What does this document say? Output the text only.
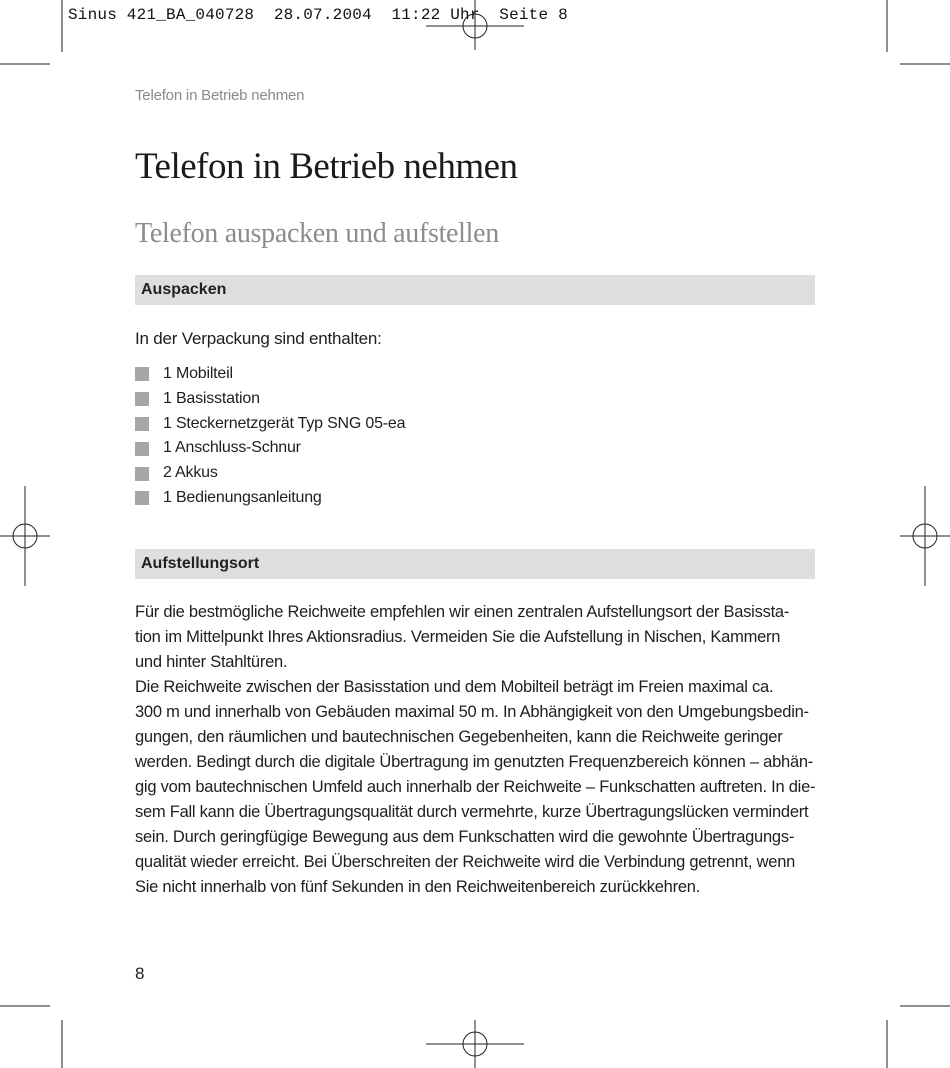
Sinus 421_BA_040728  28.07.2004  11:22 Uhr  Seite 8
Telefon in Betrieb nehmen
Telefon in Betrieb nehmen
Telefon auspacken und aufstellen
Auspacken
In der Verpackung sind enthalten:
1 Mobilteil
1 Basisstation
1 Steckernetzgerät Typ SNG 05-ea
1 Anschluss-Schnur
2 Akkus
1 Bedienungsanleitung
Aufstellungsort
Für die bestmögliche Reichweite empfehlen wir einen zentralen Aufstellungsort der Basissta-
tion im Mittelpunkt Ihres Aktionsradius. Vermeiden Sie die Aufstellung in Nischen, Kammern
und hinter Stahltüren.
Die Reichweite zwischen der Basisstation und dem Mobilteil beträgt im Freien maximal ca.
300 m und innerhalb von Gebäuden maximal 50 m. In Abhängigkeit von den Umgebungsbedin-
gungen, den räumlichen und bautechnischen Gegebenheiten, kann die Reichweite geringer
werden. Bedingt durch die digitale Übertragung im genutzten Frequenzbereich können – abhän-
gig vom bautechnischen Umfeld auch innerhalb der Reichweite – Funkschatten auftreten. In die-
sem Fall kann die Übertragungsqualität durch vermehrte, kurze Übertragungslücken vermindert
sein. Durch geringfügige Bewegung aus dem Funkschatten wird die gewohnte Übertragungs-
qualität wieder erreicht. Bei Überschreiten der Reichweite wird die Verbindung getrennt, wenn
Sie nicht innerhalb von fünf Sekunden in den Reichweitenbereich zurückkehren.
8
